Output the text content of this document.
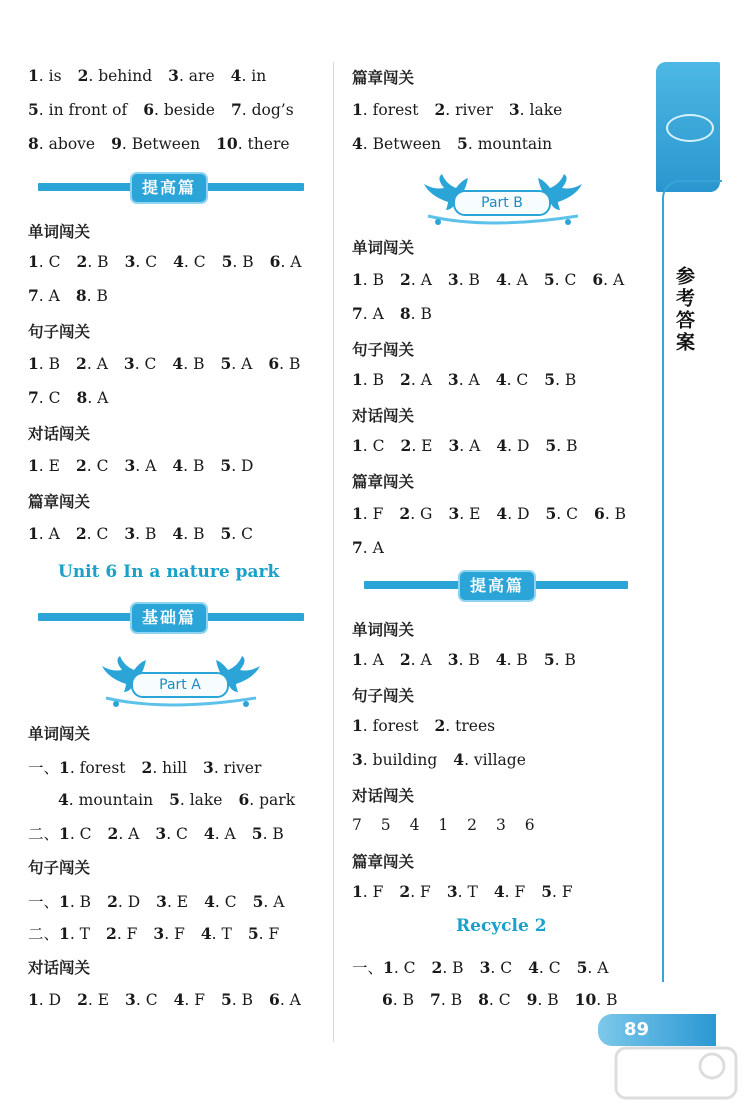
1. is 2. behind 3. are 4. in
5. in front of 6. beside 7. dog’s
8. above 9. Between 10. there
提高篇
单词闯关
1. C 2. B 3. C 4. C 5. B 6. A
7. A 8. B
句子闯关
1. B 2. A 3. C 4. B 5. A 6. B
7. C 8. A
对话闯关
1. E 2. C 3. A 4. B 5. D
篇章闯关
1. A 2. C 3. B 4. B 5. C
Unit 6 In a nature park
基础篇
Part A
单词闯关
一、1. forest 2. hill 3. river
4. mountain 5. lake 6. park
二、1. C 2. A 3. C 4. A 5. B
句子闯关
一、1. B 2. D 3. E 4. C 5. A
二、1. T 2. F 3. F 4. T 5. F
对话闯关
1. D 2. E 3. C 4. F 5. B 6. A
篇章闯关
1. forest 2. river 3. lake
4. Between 5. mountain
Part B
单词闯关
1. B 2. A 3. B 4. A 5. C 6. A
7. A 8. B
句子闯关
1. B 2. A 3. A 4. C 5. B
对话闯关
1. C 2. E 3. A 4. D 5. B
篇章闯关
1. F 2. G 3. E 4. D 5. C 6. B
7. A
提高篇
单词闯关
1. A 2. A 3. B 4. B 5. B
句子闯关
1. forest 2. trees
3. building 4. village
对话闯关
7 5 4 1 2 3 6
篇章闯关
1. F 2. F 3. T 4. F 5. F
Recycle 2
一、1. C 2. B 3. C 4. C 5. A
6. B 7. B 8. C 9. B 10. B
参考答案
89
